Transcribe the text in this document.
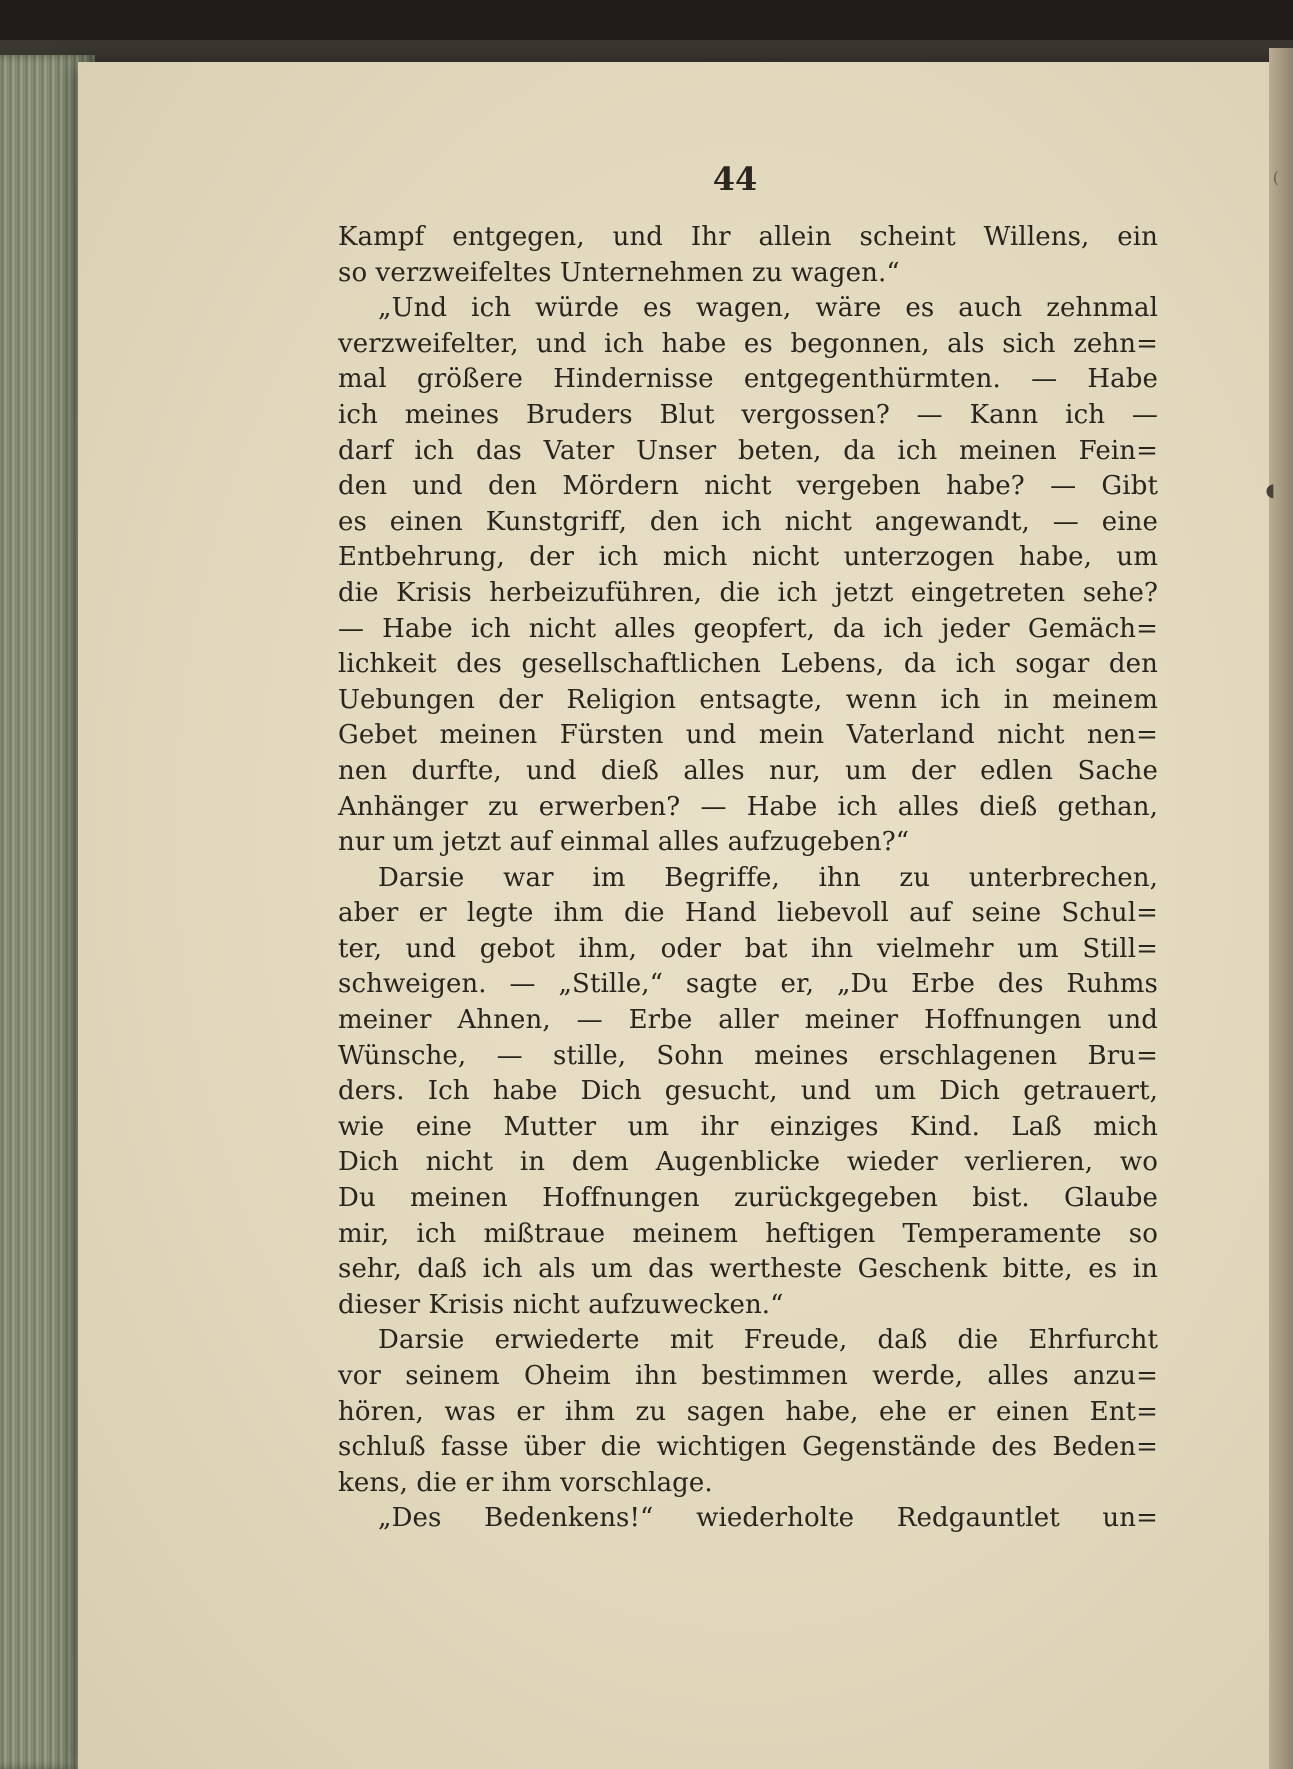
(
◖
44
Kampf entgegen, und Ihr allein scheint Willens, ein
so verzweifeltes Unternehmen zu wagen.“
„Und ich würde es wagen, wäre es auch zehnmal
verzweifelter, und ich habe es begonnen, als sich zehn=
mal größere Hindernisse entgegenthürmten. — Habe
ich meines Bruders Blut vergossen? — Kann ich —
darf ich das Vater Unser beten, da ich meinen Fein=
den und den Mördern nicht vergeben habe? — Gibt
es einen Kunstgriff, den ich nicht angewandt, — eine
Entbehrung, der ich mich nicht unterzogen habe, um
die Krisis herbeizuführen, die ich jetzt eingetreten sehe?
— Habe ich nicht alles geopfert, da ich jeder Gemäch=
lichkeit des gesellschaftlichen Lebens, da ich sogar den
Uebungen der Religion entsagte, wenn ich in meinem
Gebet meinen Fürsten und mein Vaterland nicht nen=
nen durfte, und dieß alles nur, um der edlen Sache
Anhänger zu erwerben? — Habe ich alles dieß gethan,
nur um jetzt auf einmal alles aufzugeben?“
Darsie war im Begriffe, ihn zu unterbrechen,
aber er legte ihm die Hand liebevoll auf seine Schul=
ter, und gebot ihm, oder bat ihn vielmehr um Still=
schweigen. — „Stille,“ sagte er, „Du Erbe des Ruhms
meiner Ahnen, — Erbe aller meiner Hoffnungen und
Wünsche, — stille, Sohn meines erschlagenen Bru=
ders. Ich habe Dich gesucht, und um Dich getrauert,
wie eine Mutter um ihr einziges Kind. Laß mich
Dich nicht in dem Augenblicke wieder verlieren, wo
Du meinen Hoffnungen zurückgegeben bist. Glaube
mir, ich mißtraue meinem heftigen Temperamente so
sehr, daß ich als um das wertheste Geschenk bitte, es in
dieser Krisis nicht aufzuwecken.“
Darsie erwiederte mit Freude, daß die Ehrfurcht
vor seinem Oheim ihn bestimmen werde, alles anzu=
hören, was er ihm zu sagen habe, ehe er einen Ent=
schluß fasse über die wichtigen Gegenstände des Beden=
kens, die er ihm vorschlage.
„Des Bedenkens!“ wiederholte Redgauntlet un=
